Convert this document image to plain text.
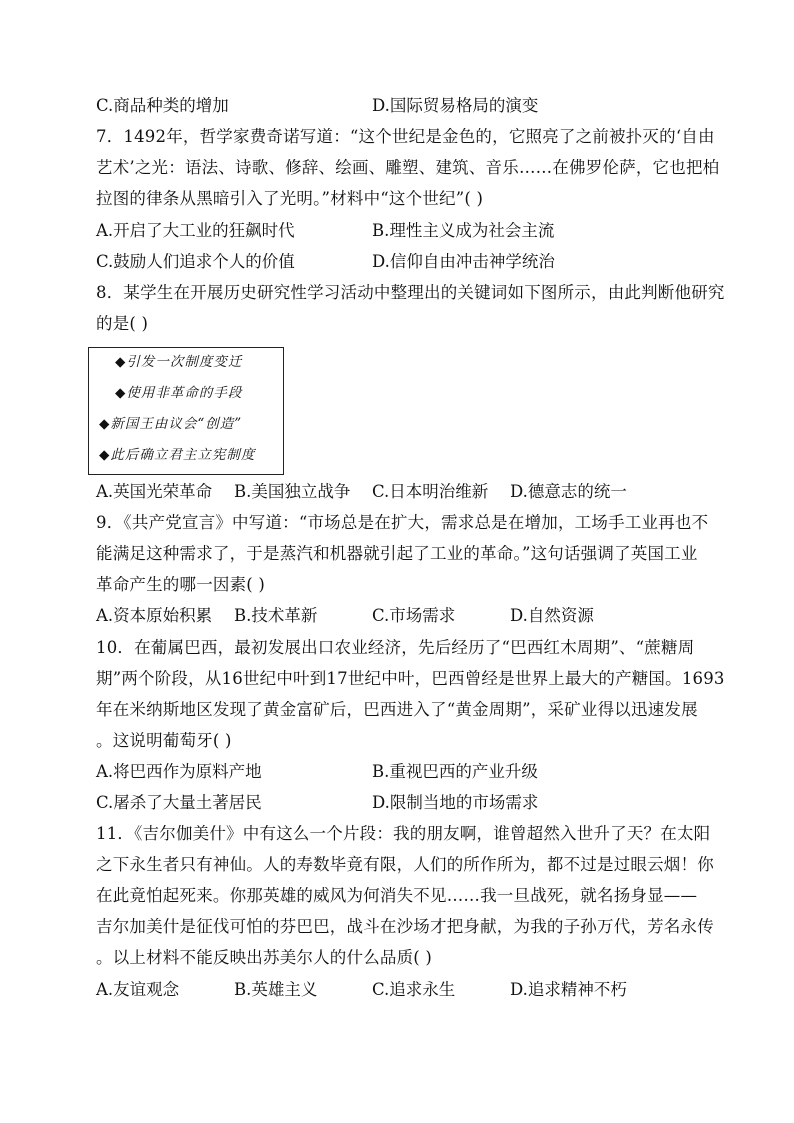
C.商品种类的增加	D.国际贸易格局的演变
7．1492年，哲学家费奇诺写道：“这个世纪是金色的，它照亮了之前被扑灭的‘自由
艺术’之光：语法、诗歌、修辞、绘画、雕塑、建筑、音乐……在佛罗伦萨，它也把柏
拉图的律条从黑暗引入了光明。”材料中“这个世纪”( )
A.开启了大工业的狂飙时代	B.理性主义成为社会主流
C.鼓励人们追求个人的价值	D.信仰自由冲击神学统治
8．某学生在开展历史研究性学习活动中整理出的关键词如下图所示，由此判断他研究
的是( )
◆引发一次制度变迁
◆使用非革命的手段
◆新国王由议会“创造”
◆此后确立君主立宪制度
A.英国光荣革命 B.美国独立战争 C.日本明治维新 D.德意志的统一
9．《共产党宣言》中写道：“市场总是在扩大，需求总是在增加，工场手工业再也不
能满足这种需求了，于是蒸汽和机器就引起了工业的革命。”这句话强调了英国工业
革命产生的哪一因素( )
A.资本原始积累 B.技术革新	C.市场需求	D.自然资源
10．在葡属巴西，最初发展出口农业经济，先后经历了“巴西红木周期”、“蔗糖周
期”两个阶段，从16世纪中叶到17世纪中叶，巴西曾经是世界上最大的产糖国。1693
年在米纳斯地区发现了黄金富矿后，巴西进入了“黄金周期”，采矿业得以迅速发展
。这说明葡萄牙( )
A.将巴西作为原料产地	B.重视巴西的产业升级
C.屠杀了大量土著居民	D.限制当地的市场需求
11．《吉尔伽美什》中有这么一个片段：我的朋友啊，谁曾超然入世升了天？在太阳
之下永生者只有神仙。人的寿数毕竟有限，人们的所作所为，都不过是过眼云烟！你
在此竟怕起死来。你那英雄的威风为何消失不见……我一旦战死，就名扬身显——
吉尔加美什是征伐可怕的芬巴巴，战斗在沙场才把身献，为我的子孙万代，芳名永传
。以上材料不能反映出苏美尔人的什么品质( )
A.友谊观念	B.英雄主义	C.追求永生	D.追求精神不朽
